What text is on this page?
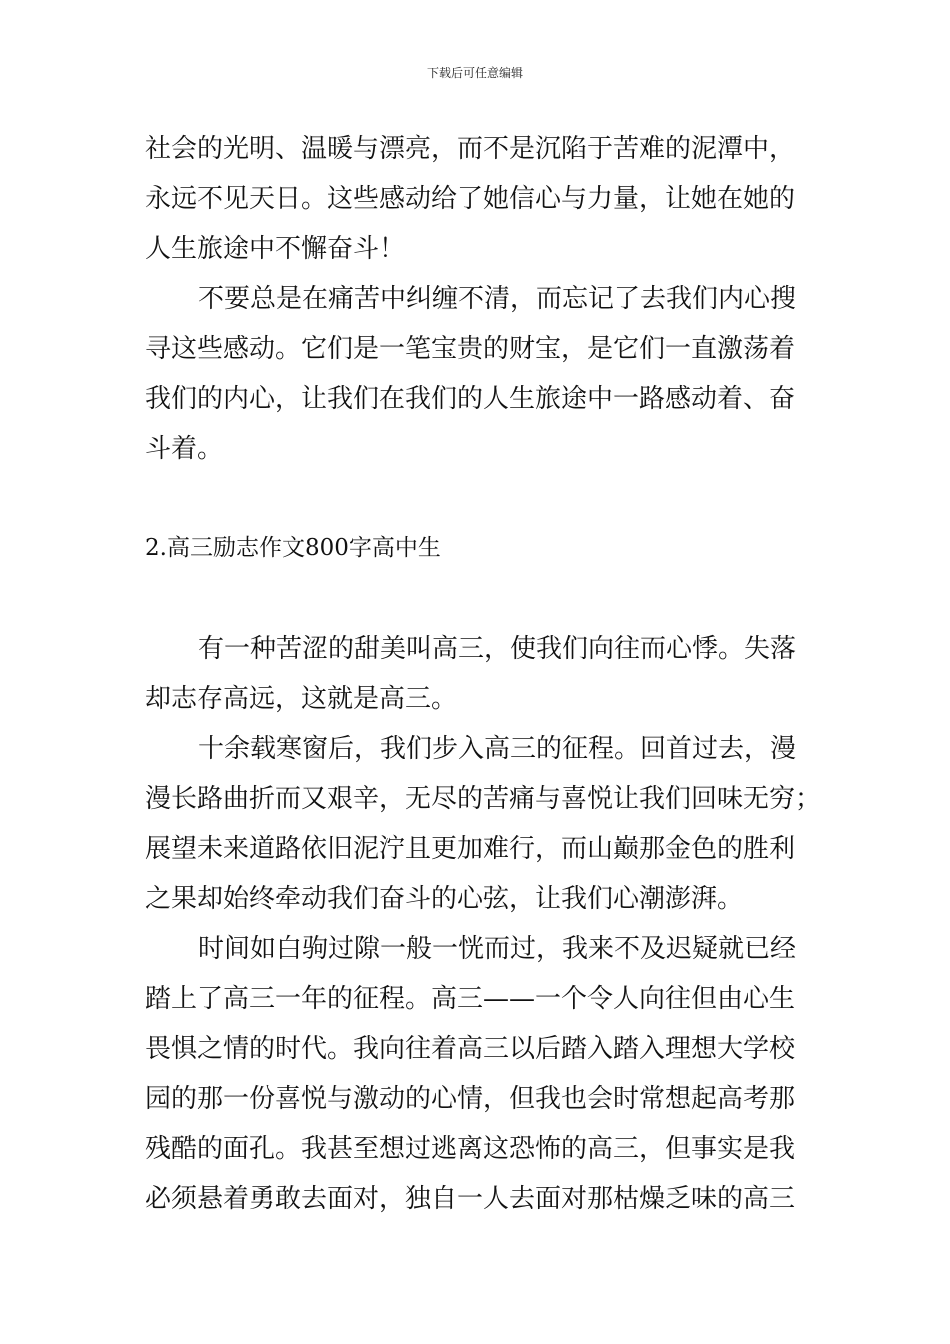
下载后可任意编辑
社会的光明、温暖与漂亮，而不是沉陷于苦难的泥潭中，
永远不见天日。这些感动给了她信心与力量，让她在她的
人生旅途中不懈奋斗！
不要总是在痛苦中纠缠不清，而忘记了去我们内心搜
寻这些感动。它们是一笔宝贵的财宝，是它们一直激荡着
我们的内心，让我们在我们的人生旅途中一路感动着、奋
斗着。
2.高三励志作文800字高中生
有一种苦涩的甜美叫高三，使我们向往而心悸。失落
却志存高远，这就是高三。
十余载寒窗后，我们步入高三的征程。回首过去，漫
漫长路曲折而又艰辛，无尽的苦痛与喜悦让我们回味无穷；
展望未来道路依旧泥泞且更加难行，而山巅那金色的胜利
之果却始终牵动我们奋斗的心弦，让我们心潮澎湃。
时间如白驹过隙一般一恍而过，我来不及迟疑就已经
踏上了高三一年的征程。高三——一个令人向往但由心生
畏惧之情的时代。我向往着高三以后踏入踏入理想大学校
园的那一份喜悦与激动的心情，但我也会时常想起高考那
残酷的面孔。我甚至想过逃离这恐怖的高三，但事实是我
必须悬着勇敢去面对，独自一人去面对那枯燥乏味的高三
